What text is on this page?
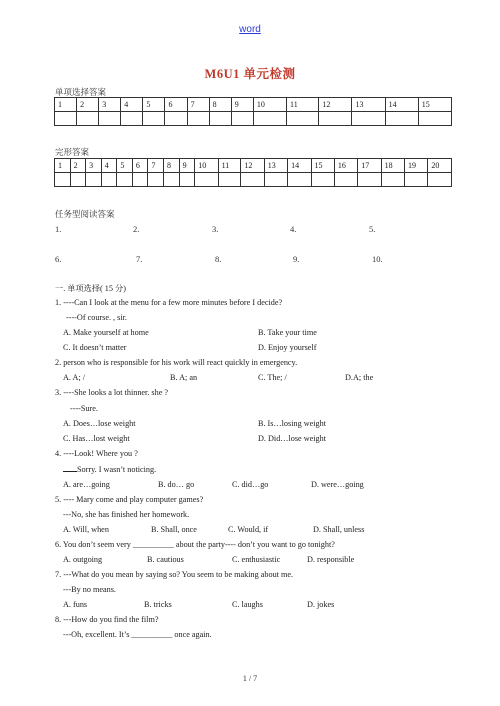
word
M6U1 单元检测
单项选择答案
1	2	3	4	5	6	7	8	9	10	11	12	13	14	15

完形答案
1	2	3	4	5	6	7	8	9	10	11	12	13	14	15	16	17	18	19	20

任务型阅读答案
1.	2.	3.	4.	5.
6.	7.	8.	9.	10.
一. 单项选择( 15 分)
1. ----Can I look at the menu for a few more minutes before I decide?
----Of course. , sir.
A. Make yourself at home	B. Take your time
C. It doesn’t matter	D. Enjoy yourself
2. person who is responsible for his work will react quickly in emergency.
A. A; /	B. A; an	C. The; /	D.A; the
3. ----She looks a lot thinner. she ?
----Sure.
A. Does…lose weight	B. Is…losing weight
C. Has…lost weight	D. Did…lose weight
4. ----Look! Where you ?
Sorry. I wasn’t noticing.
A. are…going	B. do… go	C. did…go	D. were…going
5. ---- Mary come and play computer games?
---No, she has finished her homework.
A. Will, when	B. Shall, once	C. Would, if	D. Shall, unless
6. You don’t seem very __________ about the party---- don’t you want to go tonight?
A. outgoing	B. cautious	C. enthusiastic	D. responsible
7. ---What do you mean by saying so? You seem to be making about me.
---By no means.
A. funs	B. tricks	C. laughs	D. jokes
8. ---How do you find the film?
---Oh, excellent. It’s __________ once again.
1 / 7
